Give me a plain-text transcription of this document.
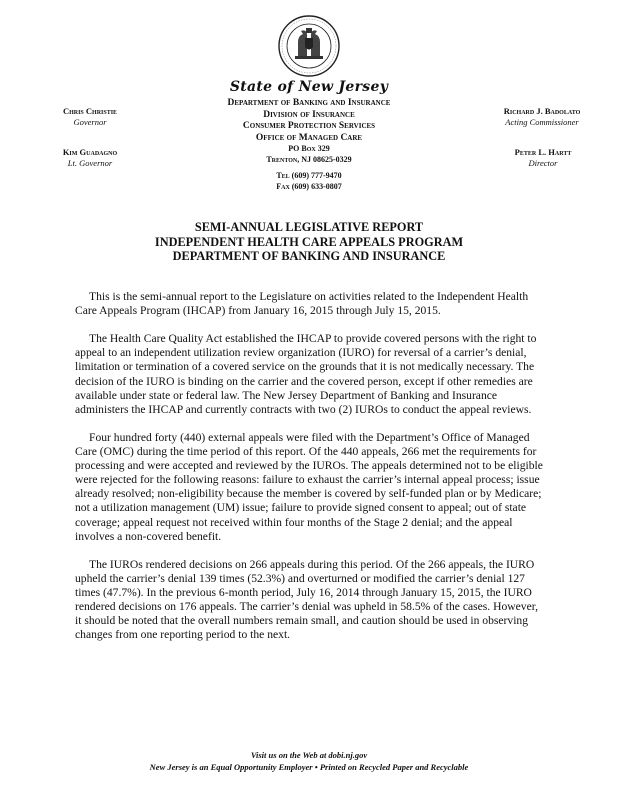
State of New Jersey
Department of Banking and Insurance
Division of Insurance
Consumer Protection Services
Office of Managed Care
PO Box 329
Trenton, NJ 08625-0329
Tel (609) 777-9470
Fax (609) 633-0807
Chris Christie
Governor
Kim Guadagno
Lt. Governor
Richard J. Badolato
Acting Commissioner
Peter L. Hartt
Director
SEMI-ANNUAL LEGISLATIVE REPORT
INDEPENDENT HEALTH CARE APPEALS PROGRAM
DEPARTMENT OF BANKING AND INSURANCE

This is the semi-annual report to the Legislature on activities related to the Independent Health Care Appeals Program (IHCAP) from January 16, 2015 through July 15, 2015.

The Health Care Quality Act established the IHCAP to provide covered persons with the right to appeal to an independent utilization review organization (IURO) for reversal of a carrier’s denial, limitation or termination of a covered service on the grounds that it is not medically necessary. The decision of the IURO is binding on the carrier and the covered person, except if other remedies are available under state or federal law. The New Jersey Department of Banking and Insurance administers the IHCAP and currently contracts with two (2) IUROs to conduct the appeal reviews.

Four hundred forty (440) external appeals were filed with the Department’s Office of Managed Care (OMC) during the time period of this report. Of the 440 appeals, 266 met the requirements for processing and were accepted and reviewed by the IUROs. The appeals determined not to be eligible were rejected for the following reasons: failure to exhaust the carrier’s internal appeal process; issue already resolved; non-eligibility because the member is covered by self-funded plan or by Medicare; not a utilization management (UM) issue; failure to provide signed consent to appeal; out of state coverage; appeal request not received within four months of the Stage 2 denial; and the appeal involves a non-covered benefit.

The IUROs rendered decisions on 266 appeals during this period. Of the 266 appeals, the IURO upheld the carrier’s denial 139 times (52.3%) and overturned or modified the carrier’s denial 127 times (47.7%). In the previous 6-month period, July 16, 2014 through January 15, 2015, the IURO rendered decisions on 176 appeals. The carrier’s denial was upheld in 58.5% of the cases. However, it should be noted that the overall numbers remain small, and caution should be used in observing changes from one reporting period to the next.

Visit us on the Web at dobi.nj.gov
New Jersey is an Equal Opportunity Employer • Printed on Recycled Paper and Recyclable
